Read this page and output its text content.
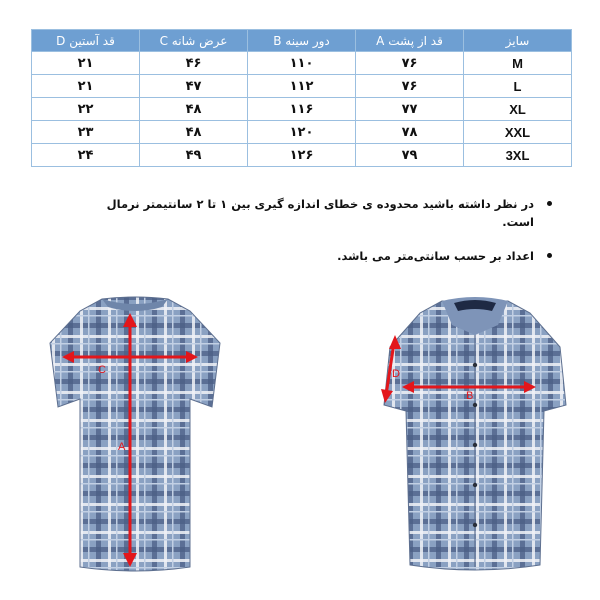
سایز	قد از پشت A	دور سینه B	عرض شانه C	قد آستین D
M	۷۶	۱۱۰	۴۶	۲۱
L	۷۶	۱۱۲	۴۷	۲۱
XL	۷۷	۱۱۶	۴۸	۲۲
XXL	۷۸	۱۲۰	۴۸	۲۳
3XL	۷۹	۱۲۶	۴۹	۲۴
در نظر داشته باشید محدوده ی خطای اندازه گیری بین ۱ تا ۲ سانتیمتر نرمال است.
اعداد بر حسب سانتی‌متر می باشد.
C
A
B
D
